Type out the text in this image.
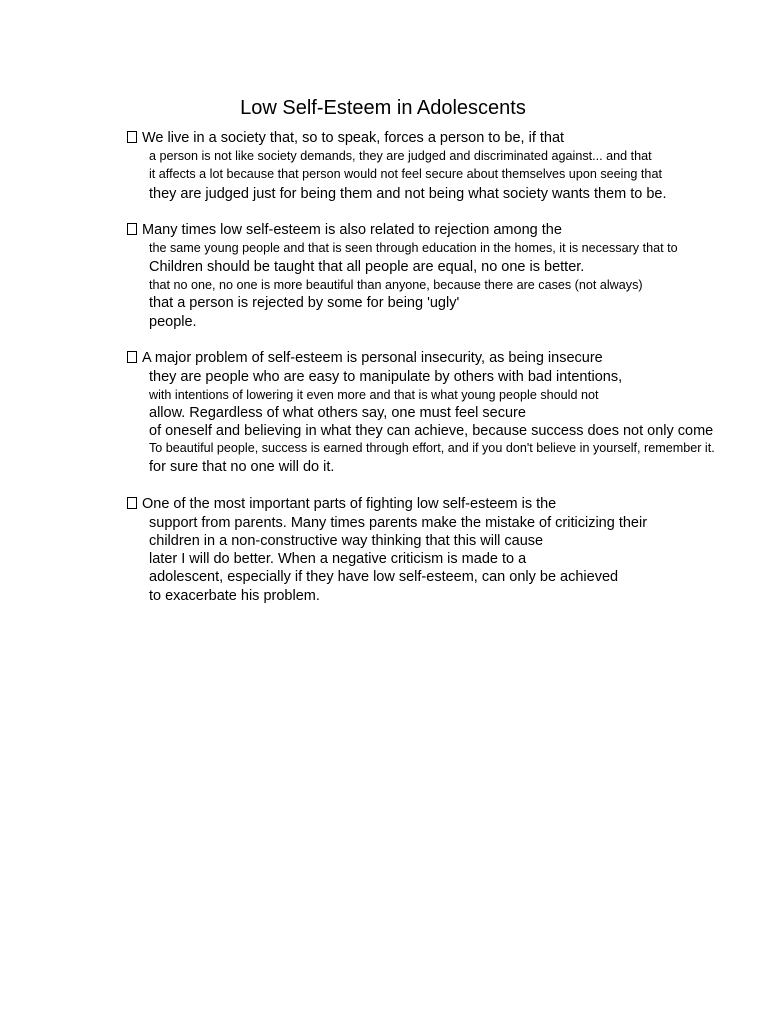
Low Self-Esteem in Adolescents
We live in a society that, so to speak, forces a person to be, if that
a person is not like society demands, they are judged and discriminated against... and that
it affects a lot because that person would not feel secure about themselves upon seeing that
they are judged just for being them and not being what society wants them to be.
Many times low self-esteem is also related to rejection among the
the same young people and that is seen through education in the homes, it is necessary that to
Children should be taught that all people are equal, no one is better.
that no one, no one is more beautiful than anyone, because there are cases (not always)
that a person is rejected by some for being 'ugly'
people.
A major problem of self-esteem is personal insecurity, as being insecure
they are people who are easy to manipulate by others with bad intentions,
with intentions of lowering it even more and that is what young people should not
allow. Regardless of what others say, one must feel secure
of oneself and believing in what they can achieve, because success does not only come
To beautiful people, success is earned through effort, and if you don't believe in yourself, remember it.
for sure that no one will do it.
One of the most important parts of fighting low self-esteem is the
support from parents. Many times parents make the mistake of criticizing their
children in a non-constructive way thinking that this will cause
later I will do better. When a negative criticism is made to a
adolescent, especially if they have low self-esteem, can only be achieved
to exacerbate his problem.
